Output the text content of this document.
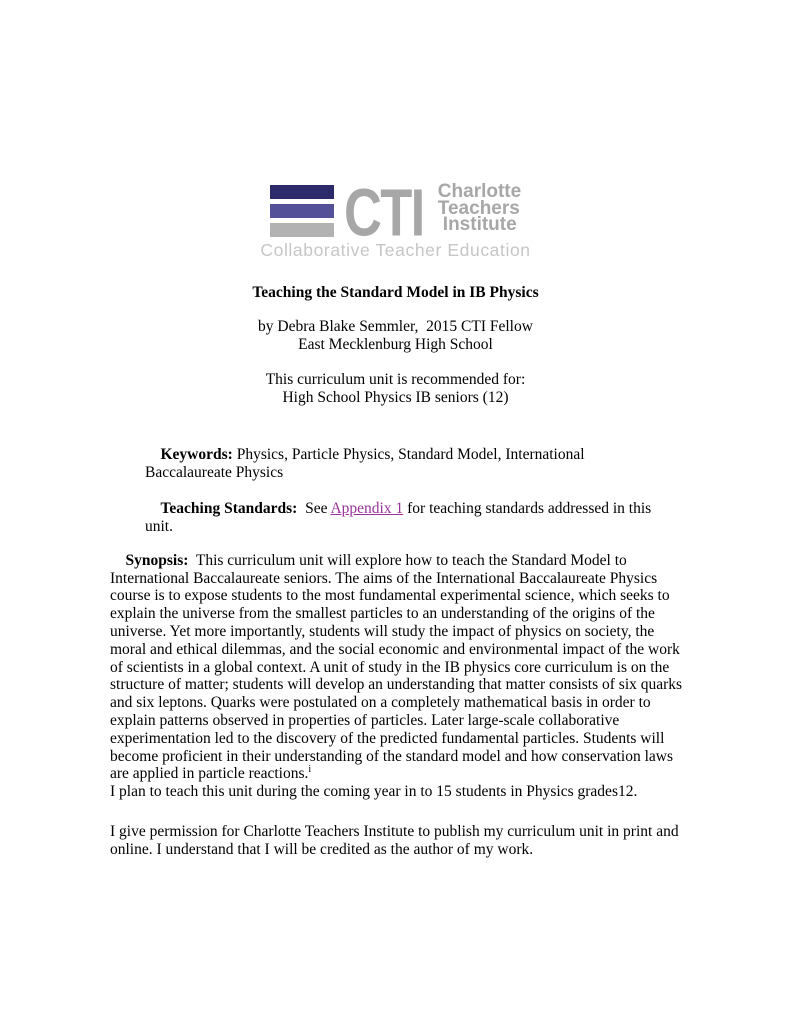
CTI Charlotte
Teachers
Institute
Collaborative Teacher Education
Teaching the Standard Model in IB Physics
by Debra Blake Semmler,  2015 CTI Fellow
East Mecklenburg High School
This curriculum unit is recommended for:
High School Physics IB seniors (12)

Keywords: Physics, Particle Physics, Standard Model, International Baccalaureate Physics

Teaching Standards:  See Appendix 1 for teaching standards addressed in this unit.

Synopsis:  This curriculum unit will explore how to teach the Standard Model to International Baccalaureate seniors. The aims of the International Baccalaureate Physics course is to expose students to the most fundamental experimental science, which seeks to explain the universe from the smallest particles to an understanding of the origins of the universe. Yet more importantly, students will study the impact of physics on society, the moral and ethical dilemmas, and the social economic and environmental impact of the work of scientists in a global context. A unit of study in the IB physics core curriculum is on the structure of matter; students will develop an understanding that matter consists of six quarks and six leptons. Quarks were postulated on a completely mathematical basis in order to explain patterns observed in properties of particles. Later large-scale collaborative experimentation led to the discovery of the predicted fundamental particles. Students will become proficient in their understanding of the standard model and how conservation laws are applied in particle reactions.$^i$

I plan to teach this unit during the coming year in to 15 students in Physics grades12.
I give permission for Charlotte Teachers Institute to publish my curriculum unit in print and online. I understand that I will be credited as the author of my work.
